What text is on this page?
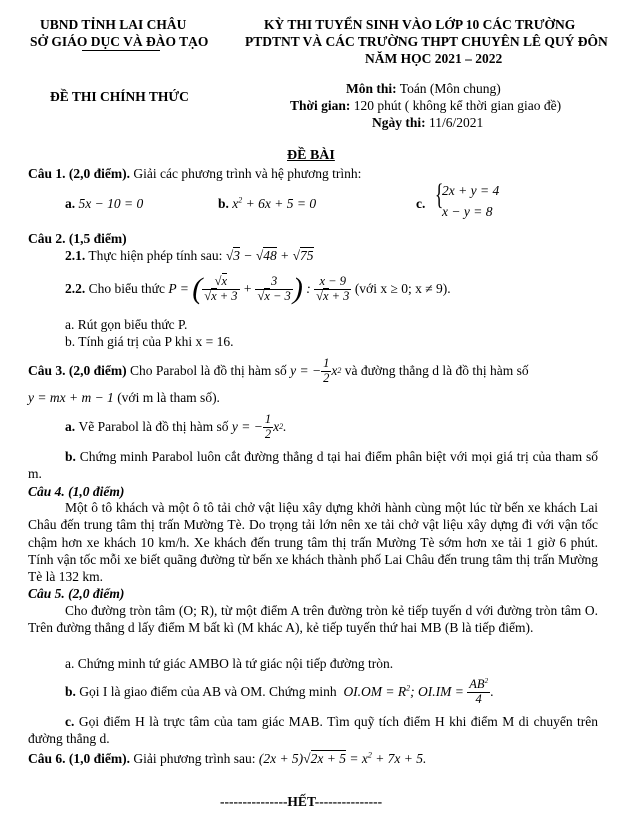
UBND TỈNH LAI CHÂU
SỞ GIÁO DỤC VÀ ĐÀO TẠO
KỲ THI TUYỂN SINH VÀO LỚP 10 CÁC TRƯỜNG
PTDTNT VÀ CÁC TRƯỜNG THPT CHUYÊN LÊ QUÝ ĐÔN
NĂM HỌC 2021 – 2022
ĐỀ THI CHÍNH THỨC
Môn thi: Toán (Môn chung)
Thời gian: 120 phút ( không kể thời gian giao đề)
Ngày thi: 11/6/2021
ĐỀ BÀI
Câu 1. (2,0 điểm). Giải các phương trình và hệ phương trình:
a. 5x − 10 = 0	b. $x^2 + 6x + 5 = 0$	c. {
2x + y = 4
x − y = 8
Câu 2. (1,5 điểm)
2.1. Thực hiện phép tính sau: √3 − √48 + √75
2.2.
Cho biểu thức
P = ( $\frac{√x}{√x + 3} + \frac{3}{√x - 3}$ ) : $\frac{x - 9}{√x + 3}$
(với x ≥ 0; x ≠ 9).
a. Rút gọn biểu thức P.
b. Tính giá trị của P khi x = 16.
Câu 3. (2,0 điểm)
Cho Parabol là đồ thị hàm số
y = − $\frac{1}{2}$ x 2
và đường thẳng d là đồ thị hàm số
y = mx + m − 1 (với m là tham số).
a.
Vẽ Parabol là đồ thị hàm số
y = − $\frac{1}{2}$ x 2 .
b. Chứng minh Parabol luôn cắt đường thẳng d tại hai điểm phân biệt với mọi giá trị của tham số m.
Câu 4. (1,0 điểm)
Một ô tô khách và một ô tô tải chở vật liệu xây dựng khởi hành cùng một lúc từ bến xe khách Lai Châu đến trung tâm thị trấn Mường Tè. Do trọng tải lớn nên xe tải chở vật liệu xây dựng đi với vận tốc chậm hơn xe khách 10 km/h. Xe khách đến trung tâm thị trấn Mường Tè sớm hơn xe tải 1 giờ 6 phút. Tính vận tốc mỗi xe biết quãng đường từ bến xe khách thành phố Lai Châu đến trung tâm thị trấn Mường Tè là 132 km.
Câu 5. (2,0 điểm)
Cho đường tròn tâm (O; R), từ một điểm A trên đường tròn kẻ tiếp tuyến d với đường tròn tâm O. Trên đường thẳng d lấy điểm M bất kì (M khác A), kẻ tiếp tuyến thứ hai MB (B là tiếp điểm).
a. Chứng minh tứ giác AMBO là tứ giác nội tiếp đường tròn.
b.
Gọi I là giao điểm của AB và OM. Chứng minh
$OI.OM = R^2$; OI.IM =
$\frac{AB^2}{4}$ .
c. Gọi điểm H là trực tâm của tam giác MAB. Tìm quỹ tích điểm H khi điểm M di chuyển trên đường thẳng d.
Câu 6. (1,0 điểm). Giải phương trình sau: $(2x + 5)√2x + 5 = x^2 + 7x + 5$.
---------------HẾT---------------
